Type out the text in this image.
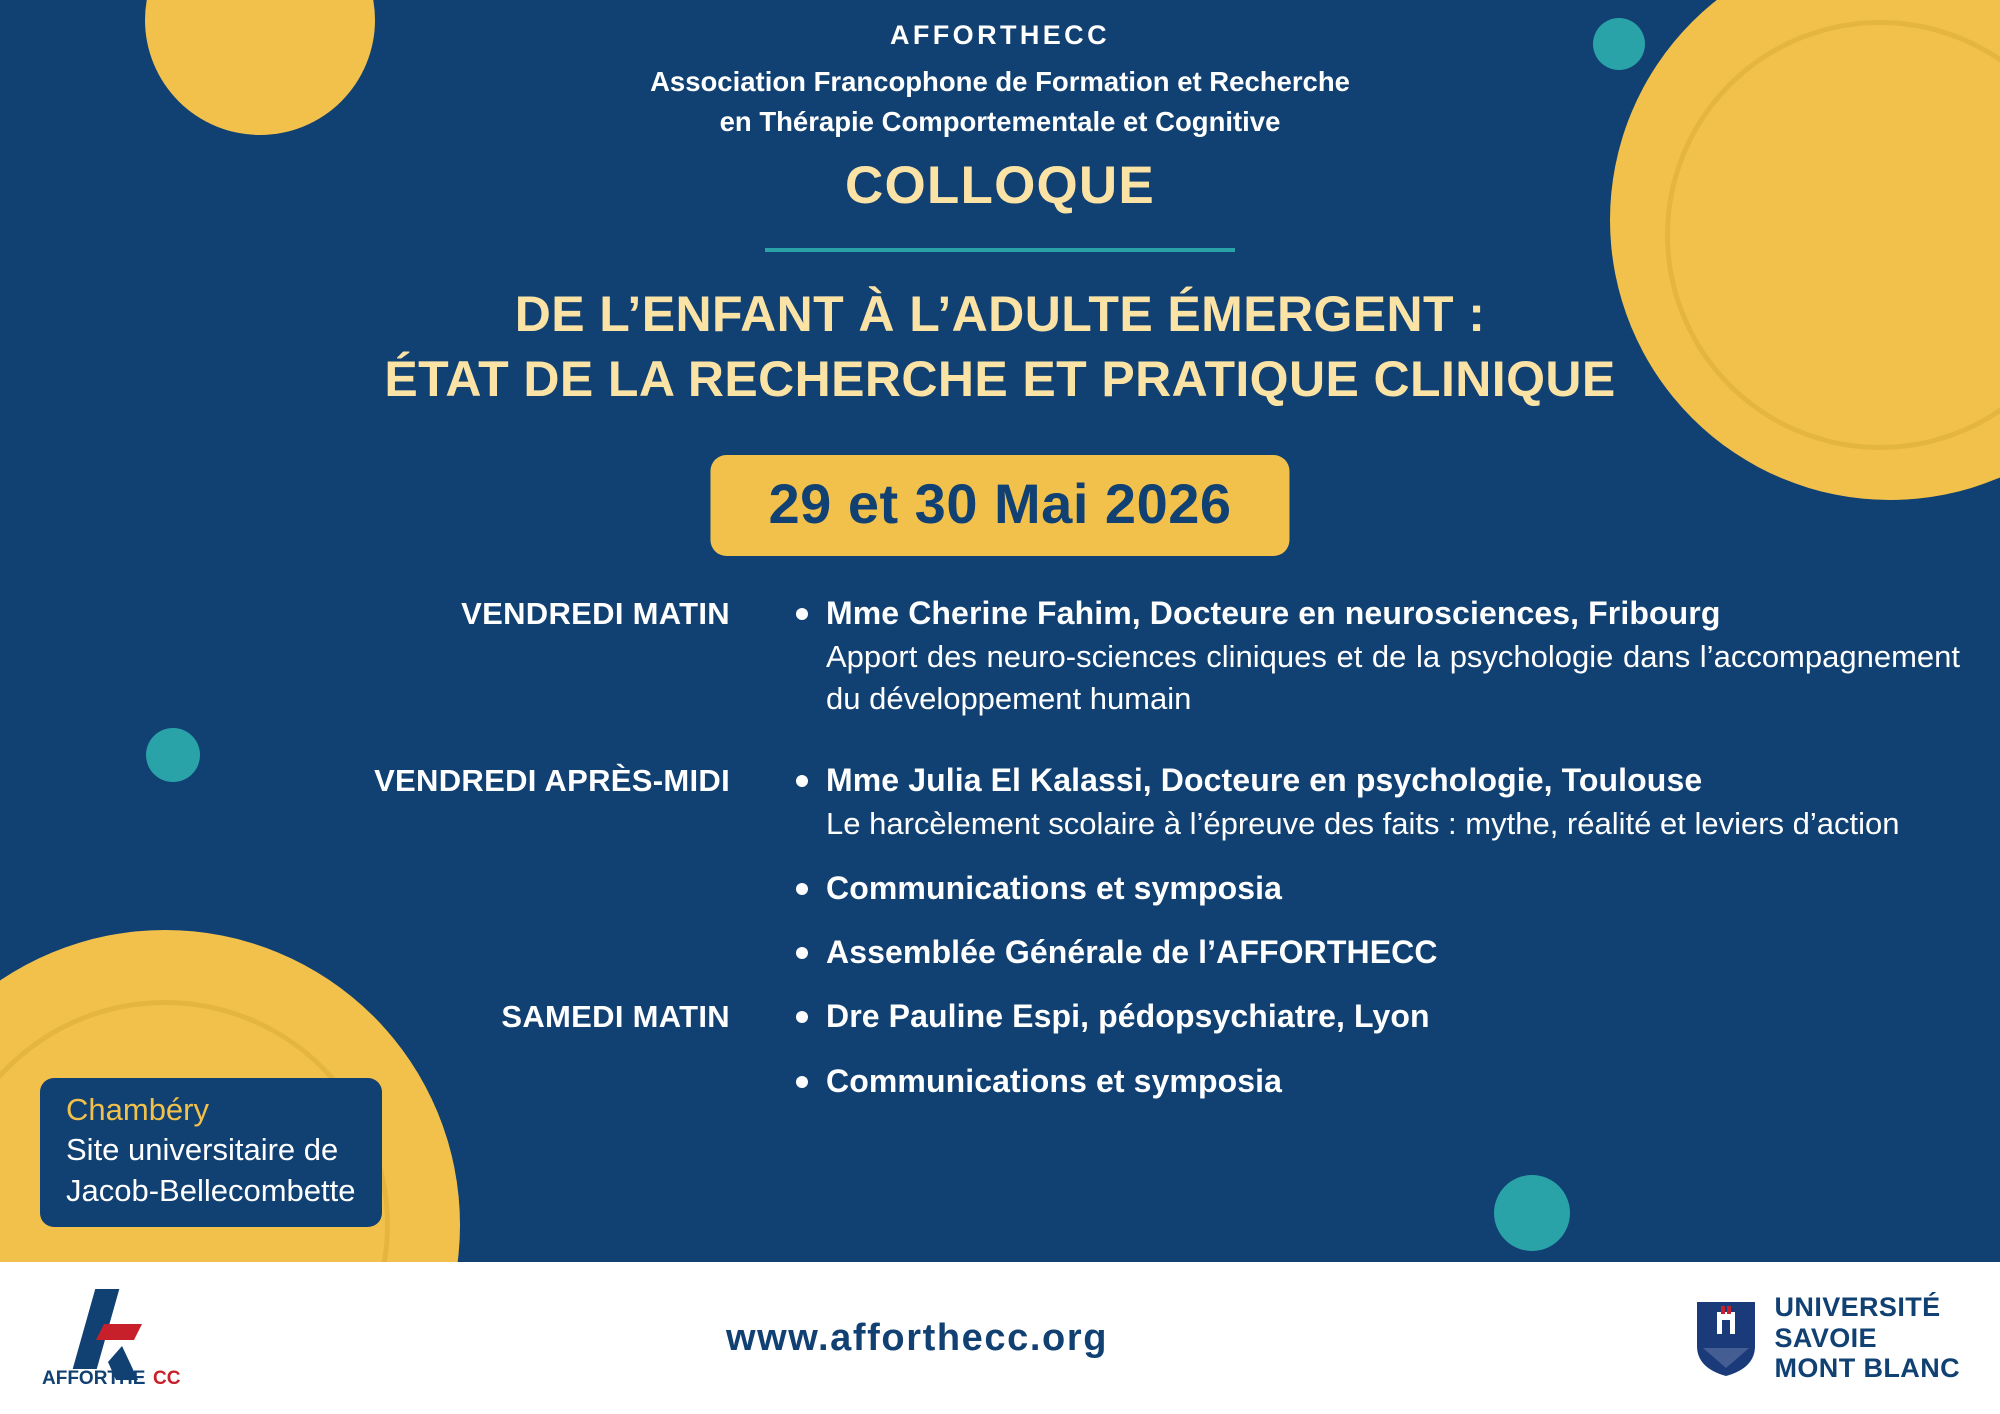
AFFORTHECC
Association Francophone de Formation et Recherche
en Thérapie Comportementale et Cognitive
COLLOQUE
DE L’ENFANT À L’ADULTE ÉMERGENT :
ÉTAT DE LA RECHERCHE ET PRATIQUE CLINIQUE
29 et 30 Mai 2026
VENDREDI MATIN	Mme Cherine Fahim, Docteure en neurosciences, Fribourg
Apport des neuro-sciences cliniques et de la psychologie dans l’accompagnement du développement humain
VENDREDI APRÈS-MIDI	Mme Julia El Kalassi, Docteure en psychologie, Toulouse
Le harcèlement scolaire à l’épreuve des faits : mythe, réalité et leviers d’action
Communications et symposia
Assemblée Générale de l’AFFORTHECC
SAMEDI MATIN	Dre Pauline Espi, pédopsychiatre, Lyon
Communications et symposia
Chambéry
Site universitaire de
Jacob-Bellecombette
AFFORTHE CC
www.afforthecc.org
UNIVERSITÉ
SAVOIE
MONT BLANC
